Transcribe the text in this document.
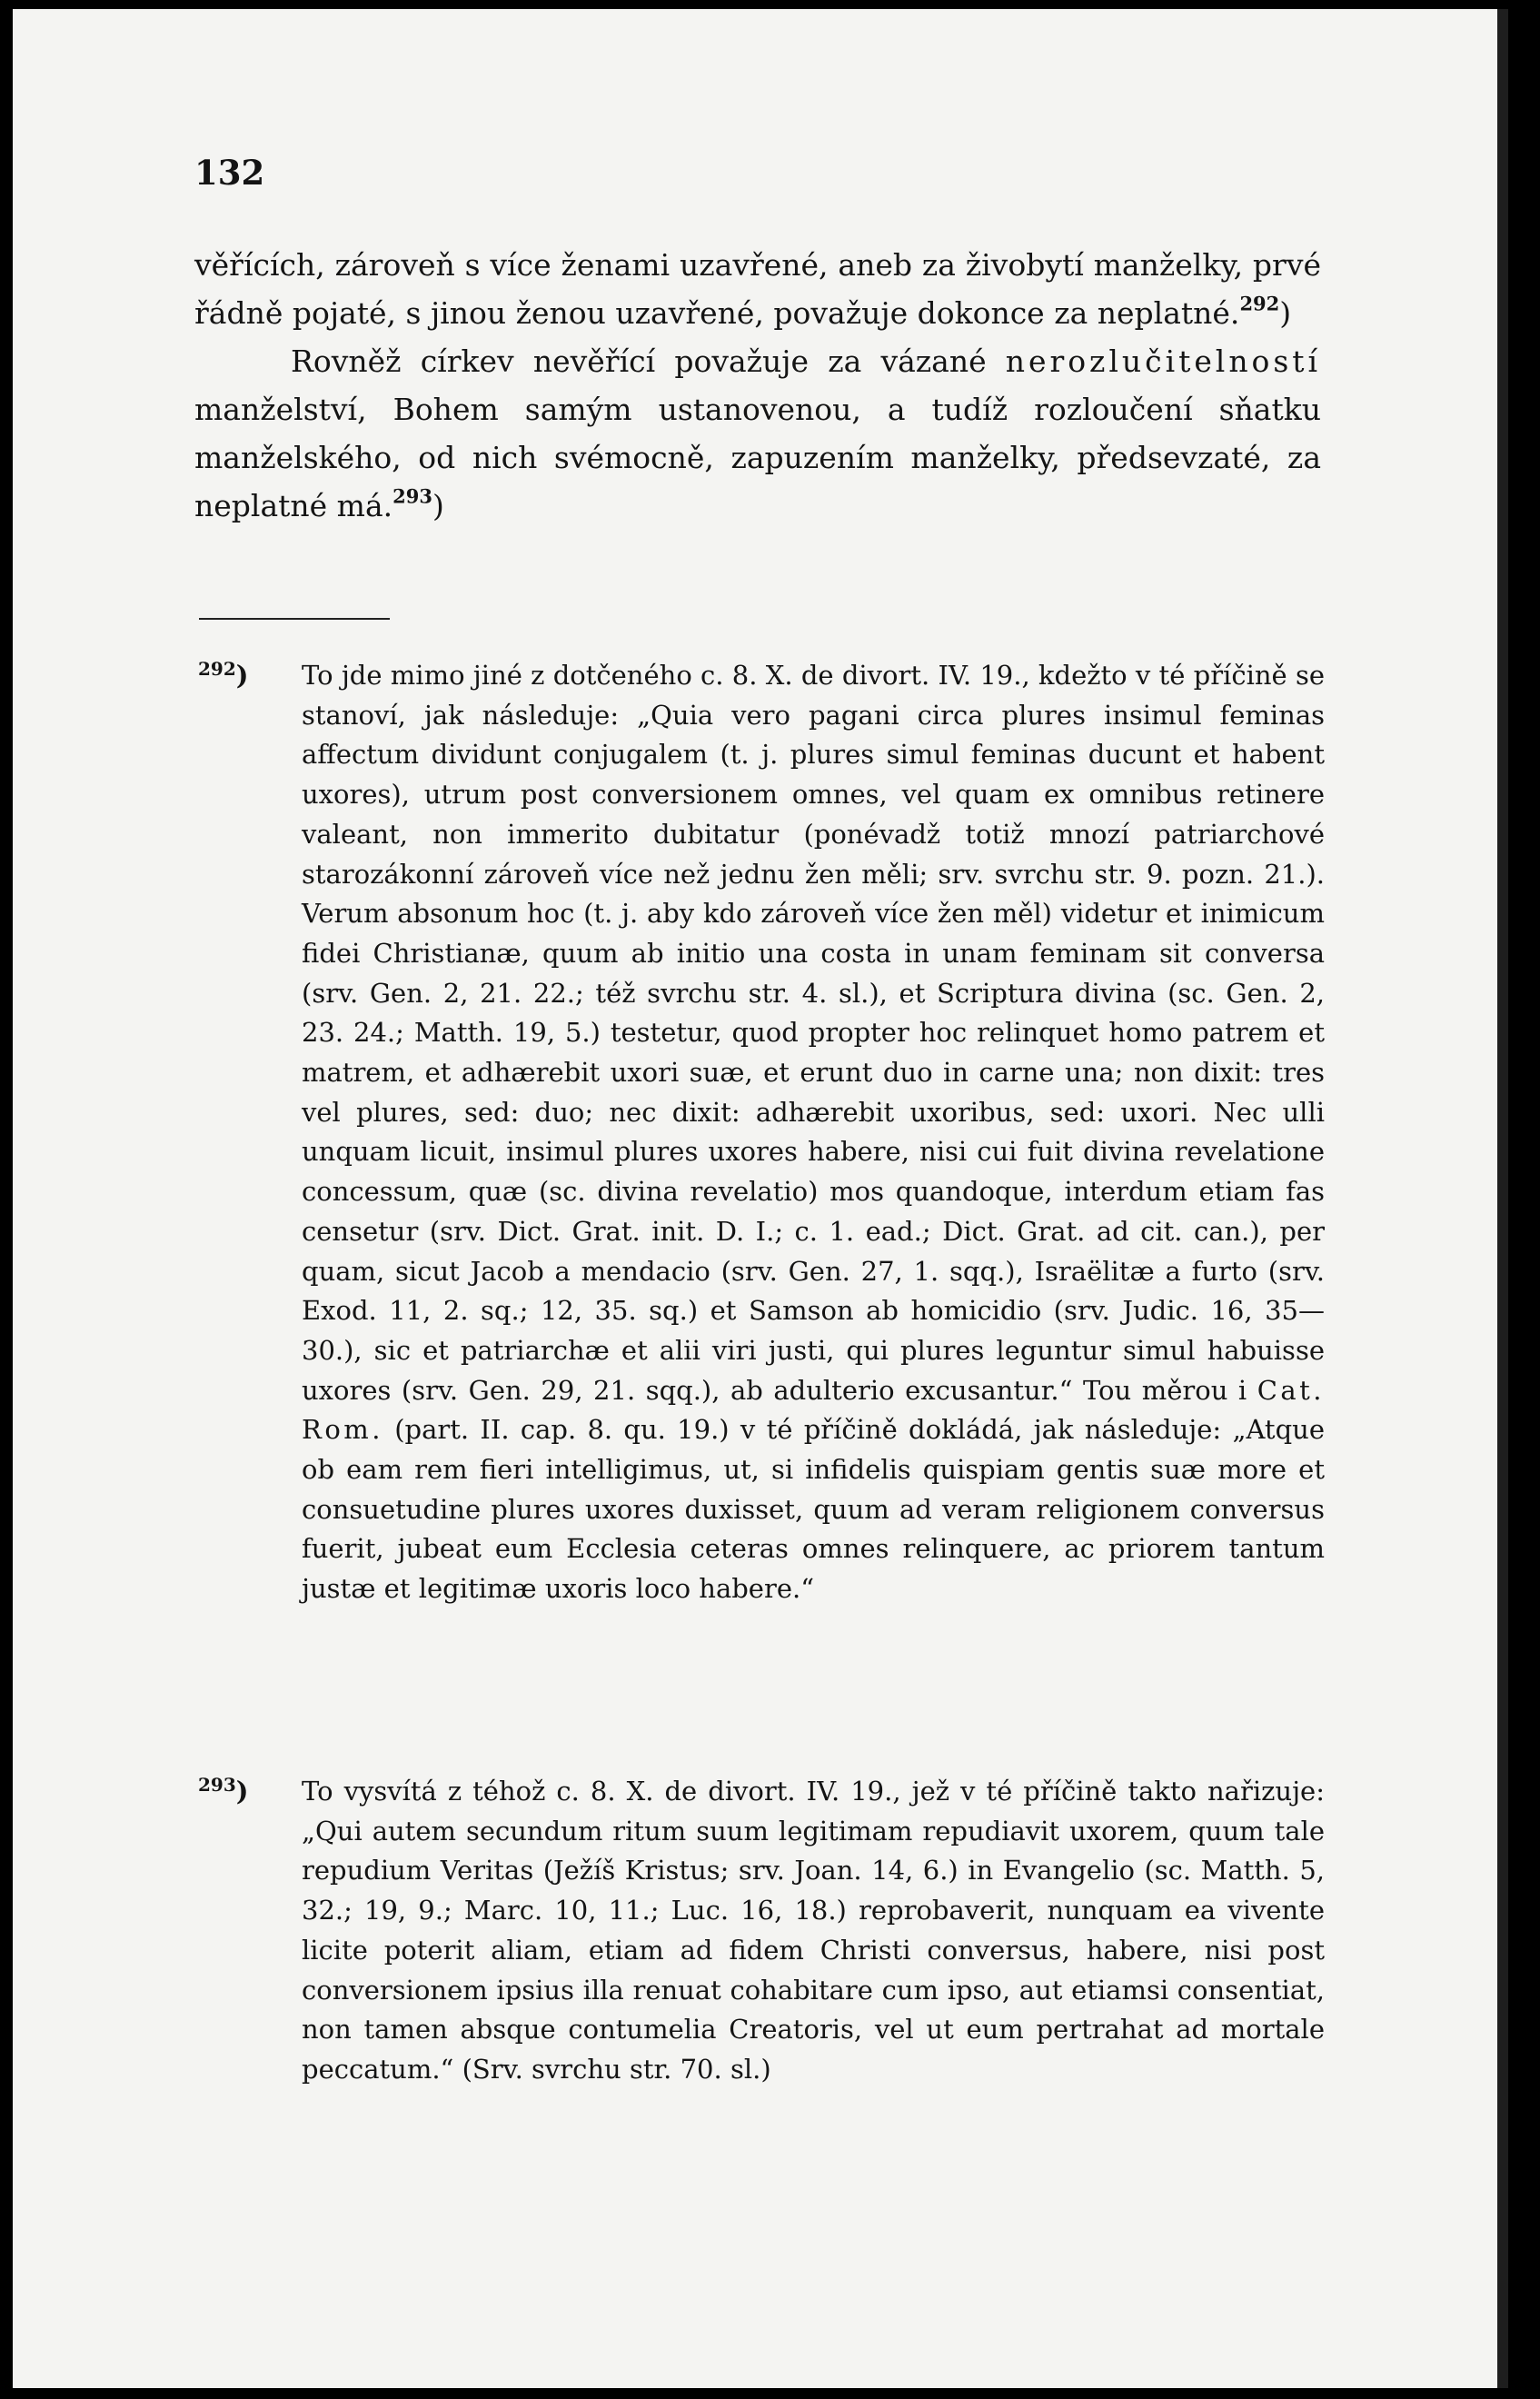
132

věřících, zároveň s více ženami uzavřené, aneb za živobytí manželky, prvé řádně pojaté, s jinou ženou uzavřené, považuje dokonce za neplatné.$^{292}$)

Rovněž církev nevěřící považuje za vázané nerozlučitelností manželství, Bohem samým ustanovenou, a tudíž rozloučení sňatku manželského, od nich svémocně, zapuzením manželky, předsevzaté, za neplatné má.$^{293}$)

$^{292}$) To jde mimo jiné z dotčeného c. 8. X. de divort. IV. 19., kdežto v té příčině se stanoví, jak následuje: „Quia vero pagani circa plures insimul feminas affectum dividunt conjugalem (t. j. plures simul feminas ducunt et habent uxores), utrum post conversionem omnes, vel quam ex omnibus retinere valeant, non immerito dubitatur (ponévadž totiž mnozí patriarchové starozákonní zároveň více než jednu žen měli; srv. svrchu str. 9. pozn. 21.). Verum absonum hoc (t. j. aby kdo zároveň více žen měl) videtur et inimicum fidei Christianæ, quum ab initio una costa in unam feminam sit conversa (srv. Gen. 2, 21. 22.; též svrchu str. 4. sl.), et Scriptura divina (sc. Gen. 2, 23. 24.; Matth. 19, 5.) testetur, quod propter hoc relinquet homo patrem et matrem, et adhærebit uxori suæ, et erunt duo in carne una; non dixit: tres vel plures, sed: duo; nec dixit: adhærebit uxoribus, sed: uxori. Nec ulli unquam licuit, insimul plures uxores habere, nisi cui fuit divina revelatione concessum, quæ (sc. divina revelatio) mos quandoque, interdum etiam fas censetur (srv. Dict. Grat. init. D. I.; c. 1. ead.; Dict. Grat. ad cit. can.), per quam, sicut Jacob a mendacio (srv. Gen. 27, 1. sqq.), Israëlitæ a furto (srv. Exod. 11, 2. sq.; 12, 35. sq.) et Samson ab homicidio (srv. Judic. 16, 35—30.), sic et patriarchæ et alii viri justi, qui plures leguntur simul habuisse uxores (srv. Gen. 29, 21. sqq.), ab adulterio excusantur.“ Tou měrou i Cat. Rom. (part. II. cap. 8. qu. 19.) v té příčině dokládá, jak následuje: „Atque ob eam rem fieri intelligimus, ut, si infidelis quispiam gentis suæ more et consuetudine plures uxores duxisset, quum ad veram religionem conversus fuerit, jubeat eum Ecclesia ceteras omnes relinquere, ac priorem tantum justæ et legitimæ uxoris loco habere.“
$^{293}$) To vysvítá z téhož c. 8. X. de divort. IV. 19., jež v té příčině takto nařizuje: „Qui autem secundum ritum suum legitimam repudiavit uxorem, quum tale repudium Veritas (Ježíš Kristus; srv. Joan. 14, 6.) in Evangelio (sc. Matth. 5, 32.; 19, 9.; Marc. 10, 11.; Luc. 16, 18.) reprobaverit, nunquam ea vivente licite poterit aliam, etiam ad fidem Christi conversus, habere, nisi post conversionem ipsius illa renuat cohabitare cum ipso, aut etiamsi consentiat, non tamen absque contumelia Creatoris, vel ut eum pertrahat ad mortale peccatum.“ (Srv. svrchu str. 70. sl.)
